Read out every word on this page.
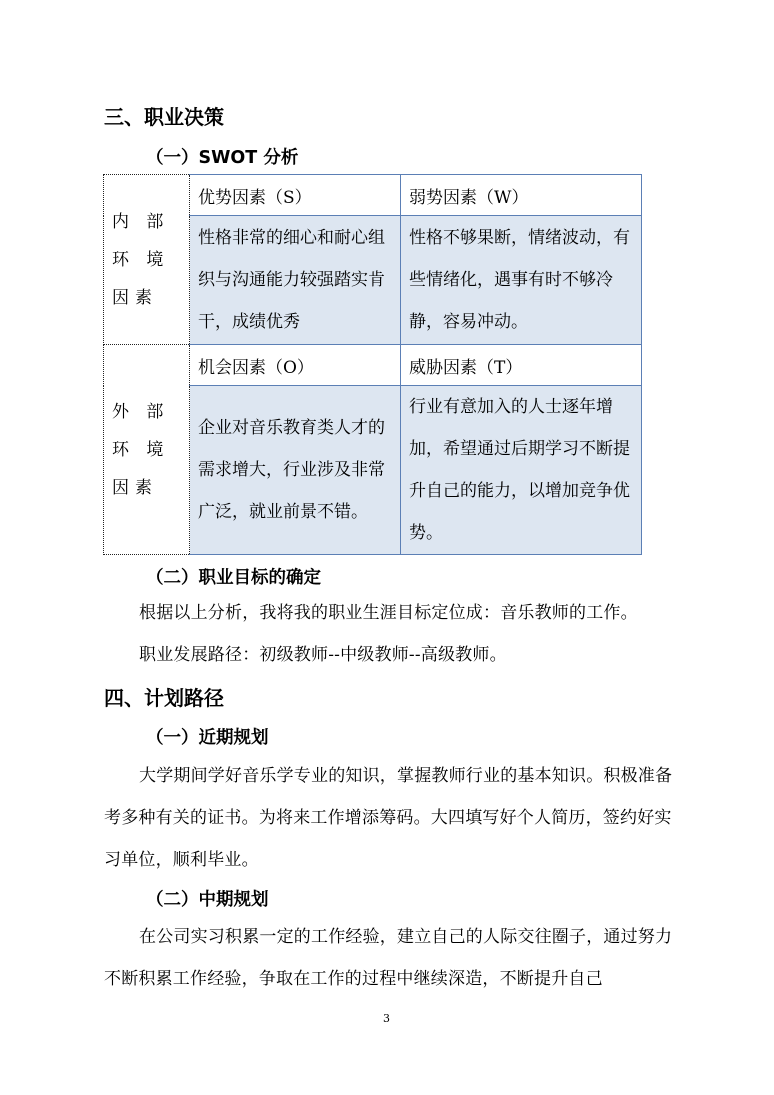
三、职业决策
（一）SWOT 分析
内 部 环 境因素	优势因素（S）	弱势因素（W）
	性格非常的细心和耐心组织与沟通能力较强踏实肯干，成绩优秀	性格不够果断，情绪波动，有些情绪化，遇事有时不够冷静，容易冲动。
外 部 环 境因素	机会因素（O）	威胁因素（T）
	企业对音乐教育类人才的需求增大，行业涉及非常广泛，就业前景不错。	行业有意加入的人士逐年增加，希望通过后期学习不断提升自己的能力，以增加竞争优势。
（二）职业目标的确定
根据以上分析，我将我的职业生涯目标定位成：音乐教师的工作。
职业发展路径：初级教师--中级教师--高级教师。
四、计划路径
（一）近期规划
大学期间学好音乐学专业的知识，掌握教师行业的基本知识。积极准备考多种有关的证书。为将来工作增添筹码。大四填写好个人简历，签约好实习单位，顺利毕业。
（二）中期规划
在公司实习积累一定的工作经验，建立自己的人际交往圈子，通过努力不断积累工作经验，争取在工作的过程中继续深造，不断提升自己
3
